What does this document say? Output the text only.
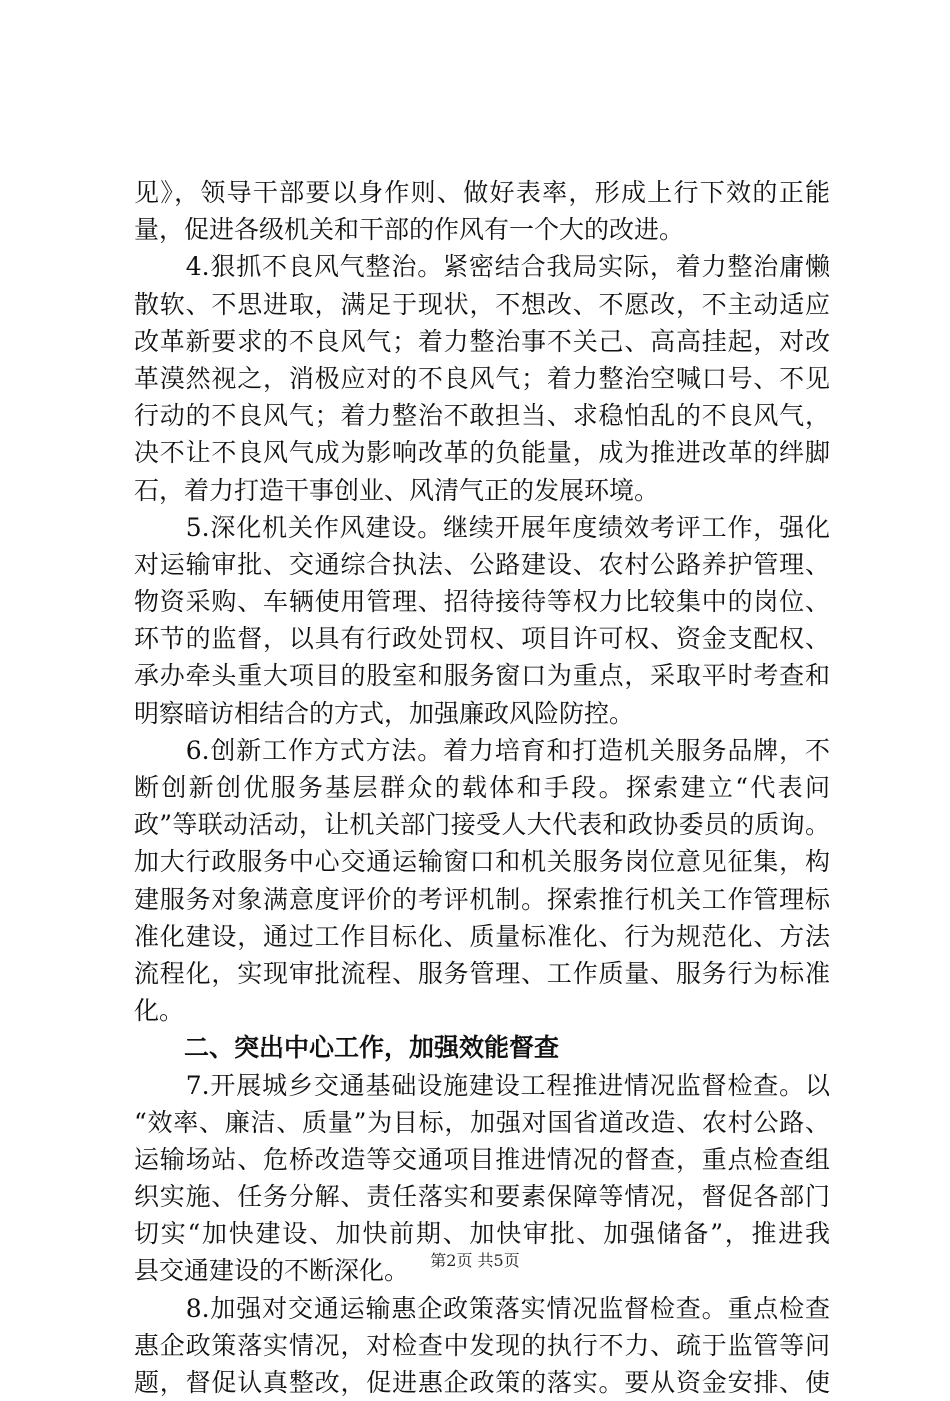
见》，领导干部要以身作则、做好表率，形成上行下效的正能
量，促进各级机关和干部的作风有一个大的改进。
　　4.狠抓不良风气整治。紧密结合我局实际，着力整治庸懒
散软、不思进取，满足于现状，不想改、不愿改，不主动适应
改革新要求的不良风气；着力整治事不关己、高高挂起，对改
革漠然视之，消极应对的不良风气；着力整治空喊口号、不见
行动的不良风气；着力整治不敢担当、求稳怕乱的不良风气，
决不让不良风气成为影响改革的负能量，成为推进改革的绊脚
石，着力打造干事创业、风清气正的发展环境。
　　5.深化机关作风建设。继续开展年度绩效考评工作，强化
对运输审批、交通综合执法、公路建设、农村公路养护管理、
物资采购、车辆使用管理、招待接待等权力比较集中的岗位、
环节的监督，以具有行政处罚权、项目许可权、资金支配权、
承办牵头重大项目的股室和服务窗口为重点，采取平时考查和
明察暗访相结合的方式，加强廉政风险防控。
　　6.创新工作方式方法。着力培育和打造机关服务品牌，不
断创新创优服务基层群众的载体和手段。探索建立“代表问
政”等联动活动，让机关部门接受人大代表和政协委员的质询。
加大行政服务中心交通运输窗口和机关服务岗位意见征集，构
建服务对象满意度评价的考评机制。探索推行机关工作管理标
准化建设，通过工作目标化、质量标准化、行为规范化、方法
流程化，实现审批流程、服务管理、工作质量、服务行为标准
化。
　　二、突出中心工作，加强效能督查
　　7.开展城乡交通基础设施建设工程推进情况监督检查。以
“效率、廉洁、质量”为目标，加强对国省道改造、农村公路、
运输场站、危桥改造等交通项目推进情况的督查，重点检查组
织实施、任务分解、责任落实和要素保障等情况，督促各部门
切实“加快建设、加快前期、加快审批、加强储备”，推进我
县交通建设的不断深化。
　　8.加强对交通运输惠企政策落实情况监督检查。重点检查
惠企政策落实情况，对检查中发现的执行不力、疏于监管等问
题，督促认真整改，促进惠企政策的落实。要从资金安排、使
第2页 共5页
